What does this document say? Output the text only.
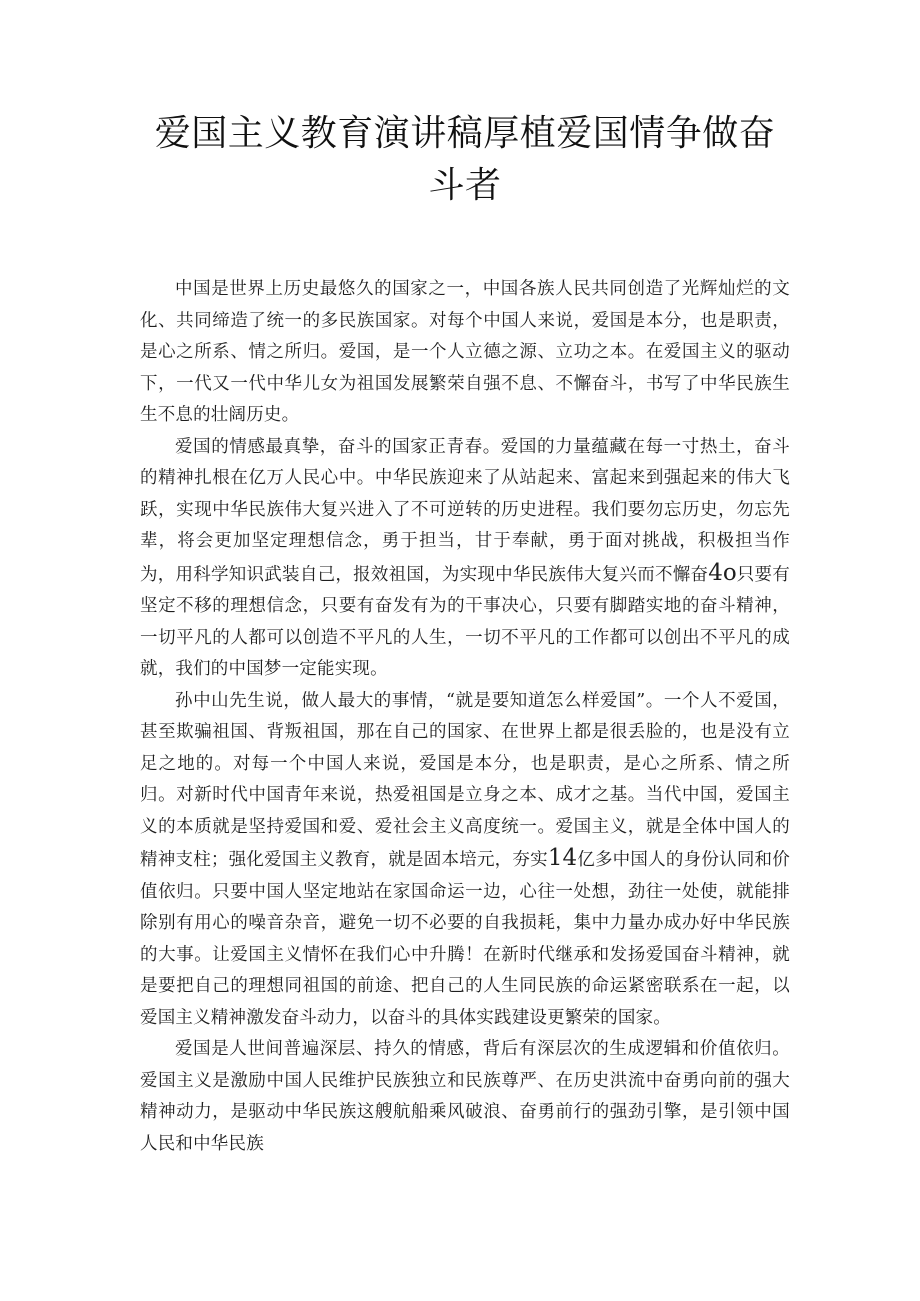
爱国主义教育演讲稿厚植爱国情争做奋
斗者

中国是世界上历史最悠久的国家之一，中国各族人民共同创造了光辉灿烂的文化、共同缔造了统一的多民族国家。对每个中国人来说，爱国是本分，也是职责，是心之所系、情之所归。爱国，是一个人立德之源、立功之本。在爱国主义的驱动下，一代又一代中华儿女为祖国发展繁荣自强不息、不懈奋斗，书写了中华民族生生不息的壮阔历史。

爱国的情感最真挚，奋斗的国家正青春。爱国的力量蕴藏在每一寸热土，奋斗的精神扎根在亿万人民心中。中华民族迎来了从站起来、富起来到强起来的伟大飞跃，实现中华民族伟大复兴进入了不可逆转的历史进程。我们要勿忘历史，勿忘先辈，将会更加坚定理想信念，勇于担当，甘于奉献，勇于面对挑战，积极担当作为，用科学知识武装自己，报效祖国，为实现中华民族伟大复兴而不懈奋4o只要有坚定不移的理想信念，只要有奋发有为的干事决心，只要有脚踏实地的奋斗精神，一切平凡的人都可以创造不平凡的人生，一切不平凡的工作都可以创出不平凡的成就，我们的中国梦一定能实现。

孙中山先生说，做人最大的事情，“就是要知道怎么样爱国”。一个人不爱国，甚至欺骗祖国、背叛祖国，那在自己的国家、在世界上都是很丢脸的，也是没有立足之地的。对每一个中国人来说，爱国是本分，也是职责，是心之所系、情之所归。对新时代中国青年来说，热爱祖国是立身之本、成才之基。当代中国，爱国主义的本质就是坚持爱国和爱、爱社会主义高度统一。爱国主义，就是全体中国人的精神支柱；强化爱国主义教育，就是固本培元，夯实14亿多中国人的身份认同和价值依归。只要中国人坚定地站在家国命运一边，心往一处想，劲往一处使，就能排除别有用心的噪音杂音，避免一切不必要的自我损耗，集中力量办成办好中华民族的大事。让爱国主义情怀在我们心中升腾！在新时代继承和发扬爱国奋斗精神，就是要把自己的理想同祖国的前途、把自己的人生同民族的命运紧密联系在一起，以爱国主义精神激发奋斗动力，以奋斗的具体实践建设更繁荣的国家。

爱国是人世间普遍深层、持久的情感，背后有深层次的生成逻辑和价值依归。爱国主义是激励中国人民维护民族独立和民族尊严、在历史洪流中奋勇向前的强大精神动力，是驱动中华民族这艘航船乘风破浪、奋勇前行的强劲引擎，是引领中国人民和中华民族
